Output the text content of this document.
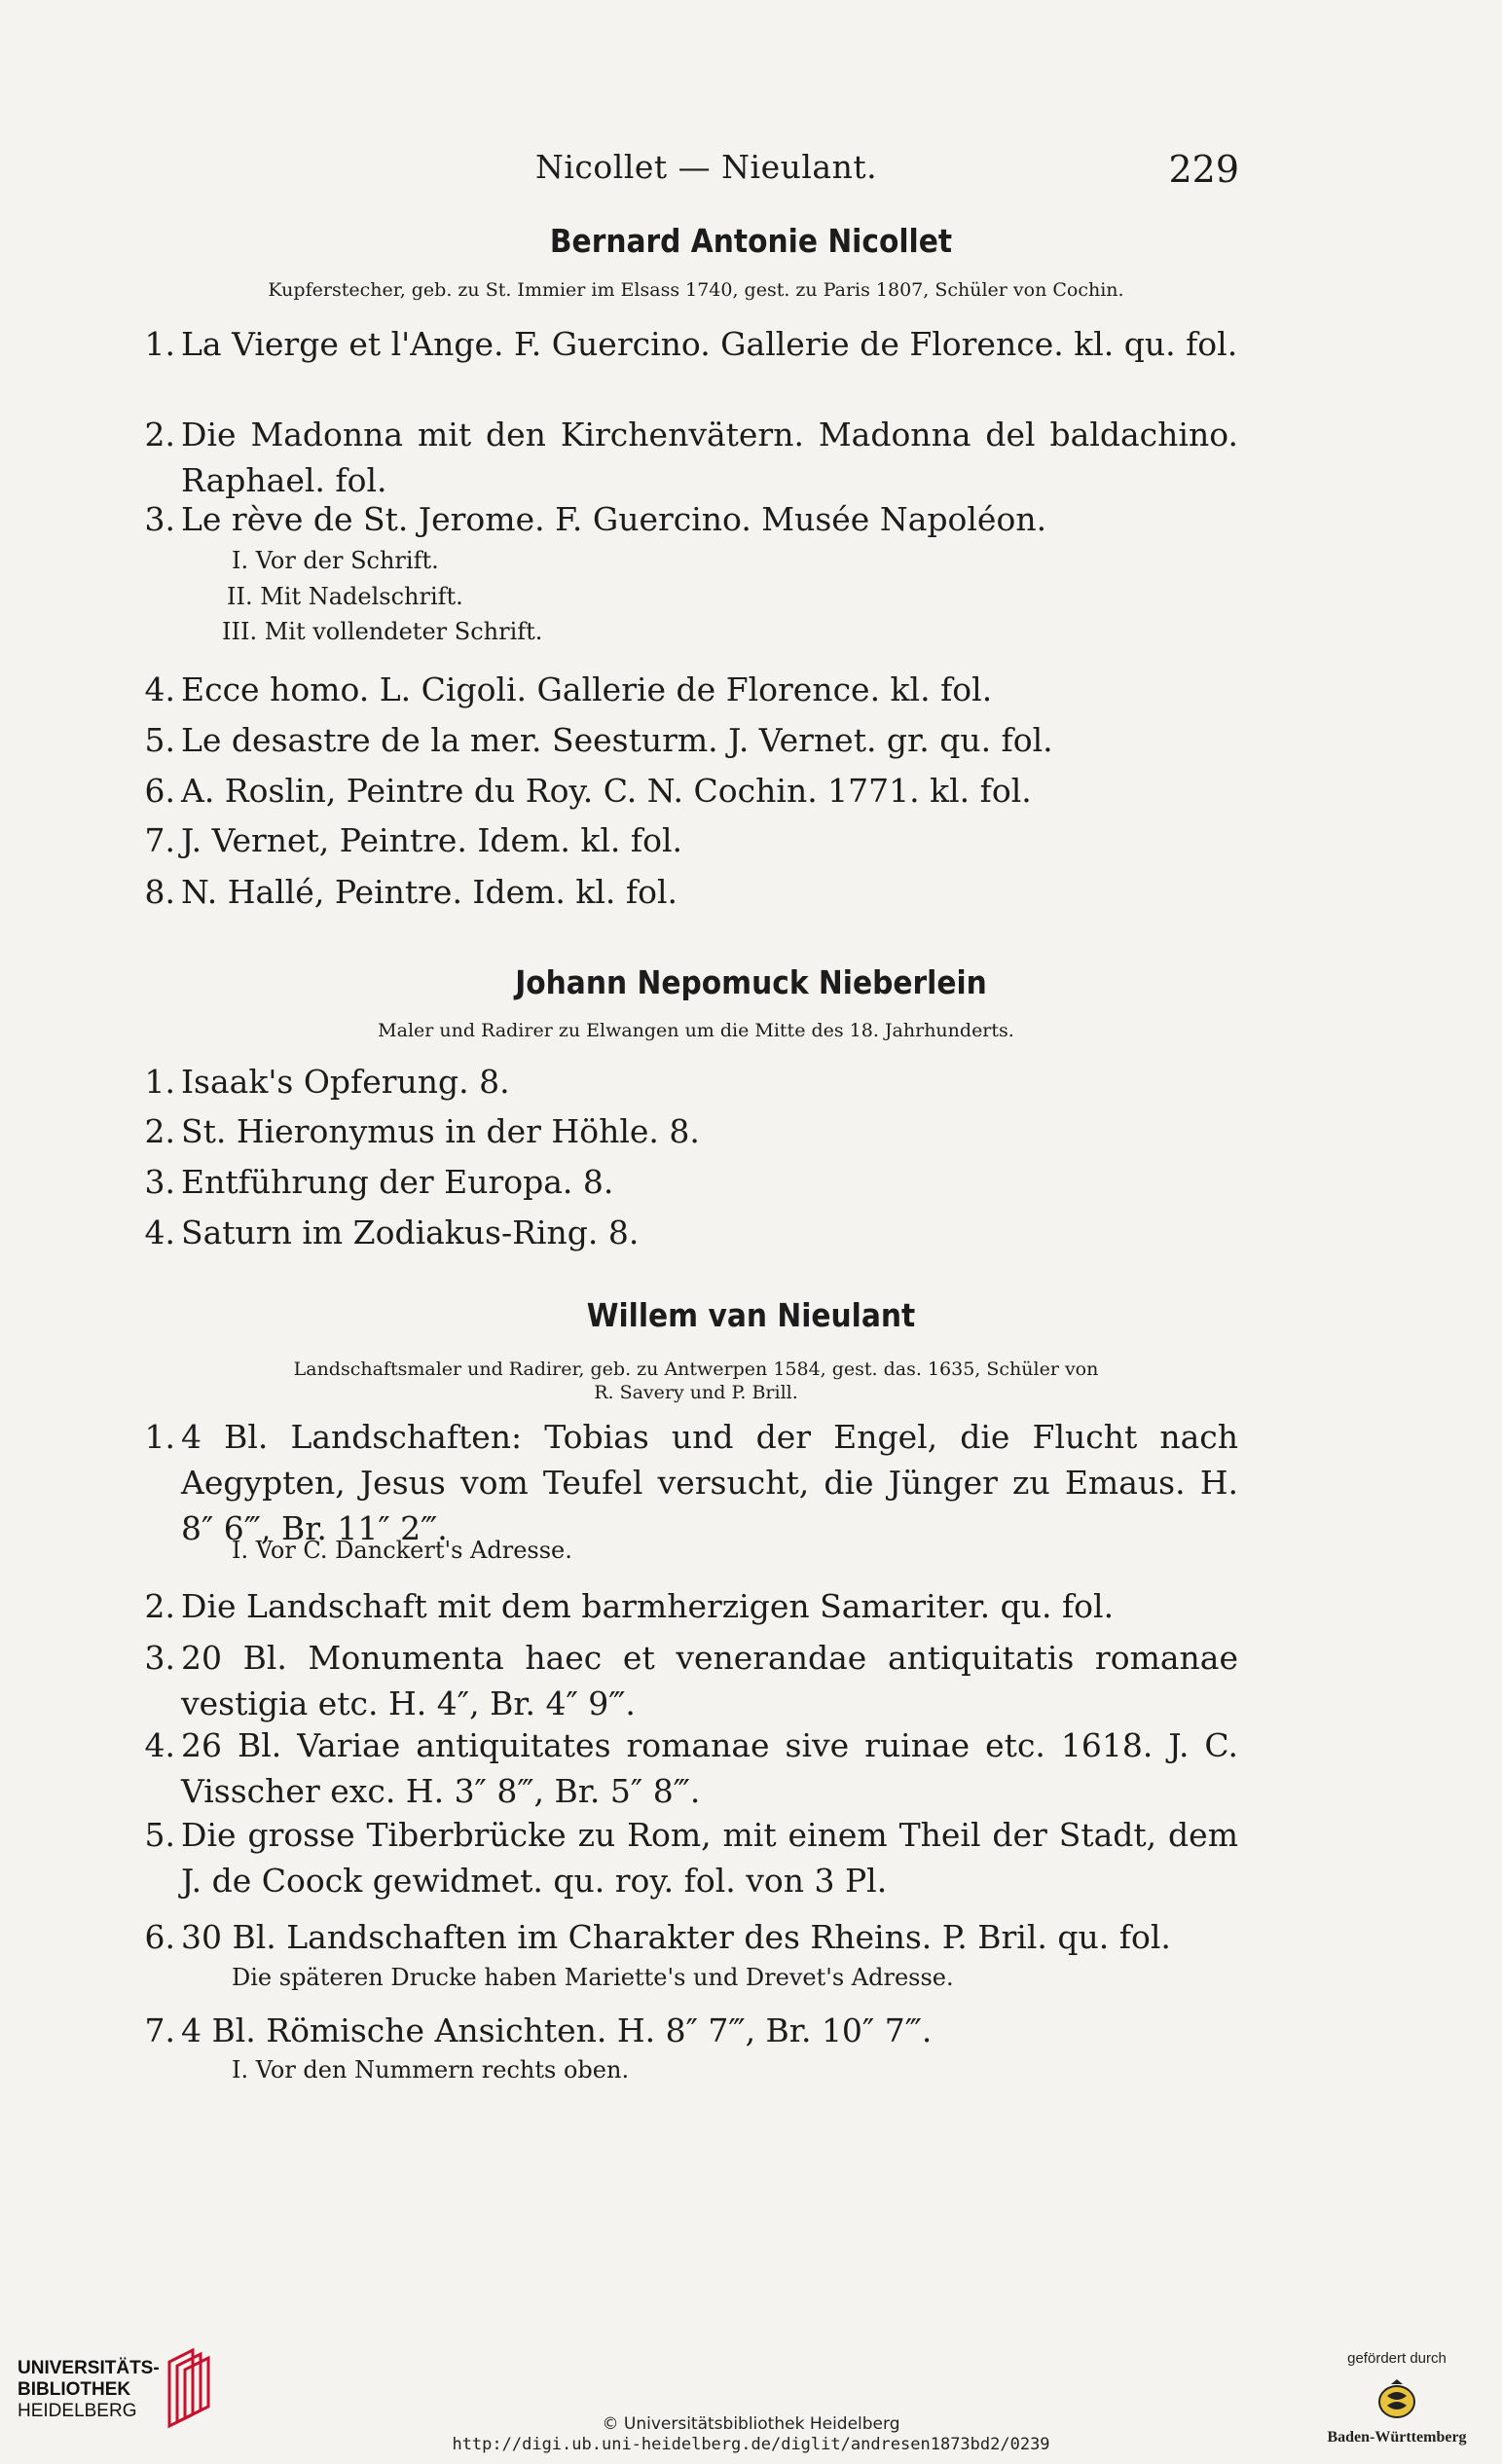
Nicollet — Nieulant.	229
Bernard Antonie Nicollet
Kupferstecher, geb. zu St. Immier im Elsass 1740, gest. zu Paris 1807, Schüler von Cochin.
1. La Vierge et l'Ange. F. Guercino. Gallerie de Florence. kl. qu. fol.
2. Die Madonna mit den Kirchenvätern. Madonna del baldachino. Raphael. fol.
3. Le rève de St. Jerome. F. Guercino. Musée Napoléon.
I. Vor der Schrift.
II. Mit Nadelschrift.
III. Mit vollendeter Schrift.
4. Ecce homo. L. Cigoli. Gallerie de Florence. kl. fol.
5. Le desastre de la mer. Seesturm. J. Vernet. gr. qu. fol.
6. A. Roslin, Peintre du Roy. C. N. Cochin. 1771. kl. fol.
7. J. Vernet, Peintre. Idem. kl. fol.
8. N. Hallé, Peintre. Idem. kl. fol.
Johann Nepomuck Nieberlein
Maler und Radirer zu Elwangen um die Mitte des 18. Jahrhunderts.
1. Isaak's Opferung. 8.
2. St. Hieronymus in der Höhle. 8.
3. Entführung der Europa. 8.
4. Saturn im Zodiakus-Ring. 8.
Willem van Nieulant
Landschaftsmaler und Radirer, geb. zu Antwerpen 1584, gest. das. 1635, Schüler von
R. Savery und P. Brill.
1. 4 Bl. Landschaften: Tobias und der Engel, die Flucht nach Aegypten, Jesus vom Teufel versucht, die Jünger zu Emaus. H. 8″ 6‴, Br. 11″ 2‴.
I. Vor C. Danckert's Adresse.
2. Die Landschaft mit dem barmherzigen Samariter. qu. fol.
3. 20 Bl. Monumenta haec et venerandae antiquitatis romanae vestigia etc. H. 4″, Br. 4″ 9‴.
4. 26 Bl. Variae antiquitates romanae sive ruinae etc. 1618. J. C. Visscher exc. H. 3″ 8‴, Br. 5″ 8‴.
5. Die grosse Tiberbrücke zu Rom, mit einem Theil der Stadt, dem J. de Coock gewidmet. qu. roy. fol. von 3 Pl.
6. 30 Bl. Landschaften im Charakter des Rheins. P. Bril. qu. fol.
Die späteren Drucke haben Mariette's und Drevet's Adresse.
7. 4 Bl. Römische Ansichten. H. 8″ 7‴, Br. 10″ 7‴.
I. Vor den Nummern rechts oben.
UNIVERSITÄTS-
BIBLIOTHEK
HEIDELBERG
© Universitätsbibliothek Heidelberg
http://digi.ub.uni-heidelberg.de/diglit/andresen1873bd2/0239
gefördert durch
Baden-Württemberg
